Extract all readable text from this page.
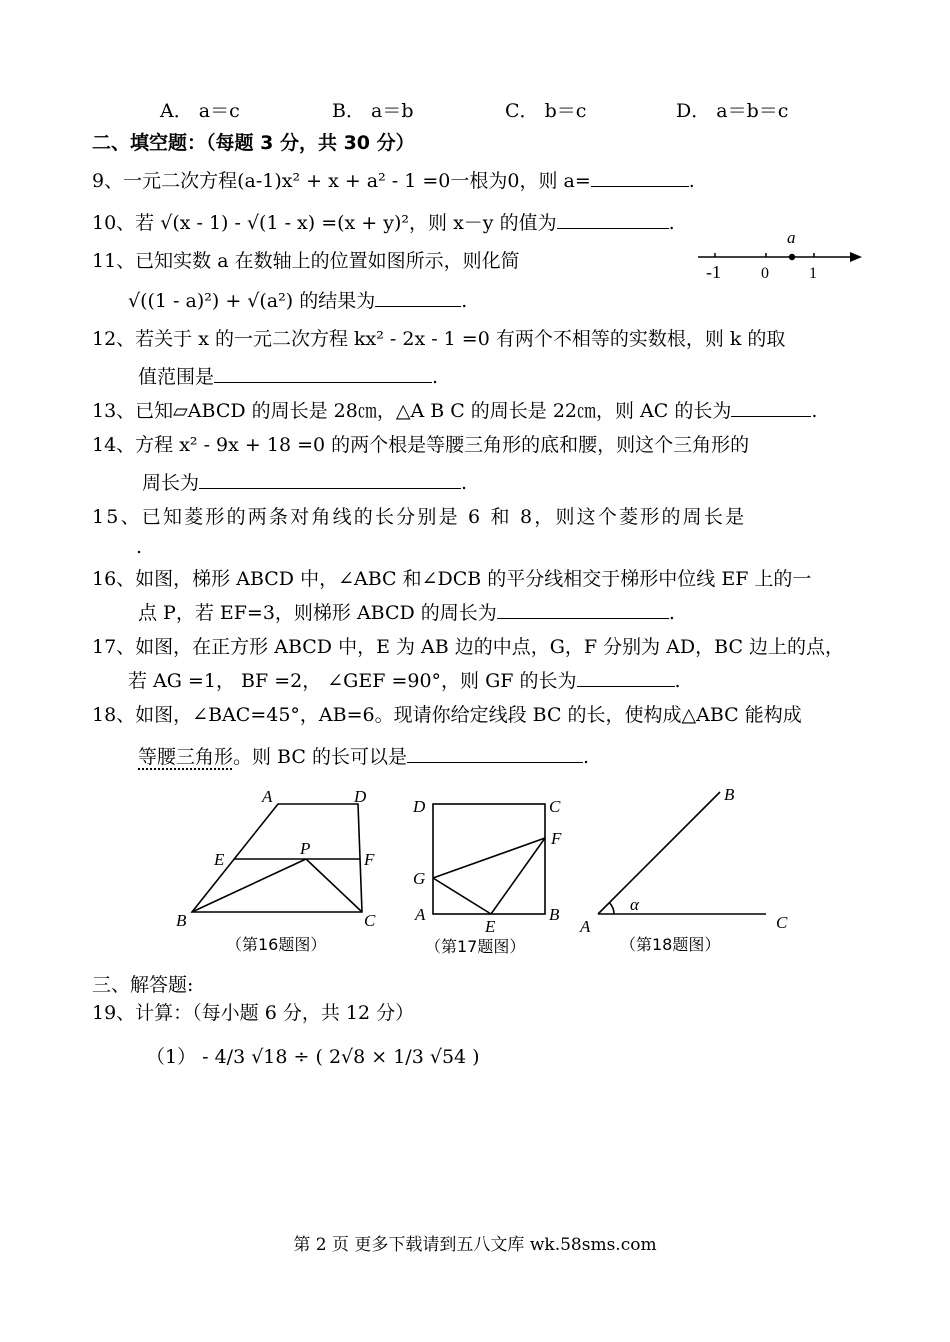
A． a＝c	B． a＝b	C． b＝c	D． a＝b＝c
二、填空题：（每题 3 分，共 30 分）
9、一元二次方程(a-1)x² + x + a² - 1 =0一根为0，则 a=	.
10、若 √(x - 1) - √(1 - x) =(x + y)²，则 x－y 的值为	.
11、已知实数 a 在数轴上的位置如图所示，则化简
√((1 - a)²) + √(a²) 的结果为	.
a
-1	0	1
12、若关于 x 的一元二次方程 kx² - 2x - 1 =0 有两个不相等的实数根，则 k 的取
值范围是	.
13、已知▱ABCD 的周长是 28㎝，△A B C 的周长是 22㎝，则 AC 的长为	.
14、方程 x² - 9x + 18 =0 的两个根是等腰三角形的底和腰，则这个三角形的
周长为	.
15、已知菱形的两条对角线的长分别是 6 和 8，则这个菱形的周长是
.
16、如图，梯形 ABCD 中，∠ABC 和∠DCB 的平分线相交于梯形中位线 EF 上的一
点 P，若 EF=3，则梯形 ABCD 的周长为	.
17、如图，在正方形 ABCD 中，E 为 AB 边的中点，G，F 分别为 AD，BC 边上的点，
若 AG =1， BF =2， ∠GEF =90°，则 GF 的长为	.
18、如图，∠BAC=45°，AB=6。现请你给定线段 BC 的长，使构成△ABC 能构成
等腰三角形。则 BC 的长可以是	.
A	D
E
P
F
B	C
（第16题图）
D	C
F
G
A
E
B
（第17题图）
B
α
A	C
（第18题图）
三、解答题:
19、计算：（每小题 6 分，共 12 分）
（1） - 4/3 √18 ÷ ( 2√8 × 1/3 √54 )
第 2 页 更多下载请到五八文库 wk.58sms.com
